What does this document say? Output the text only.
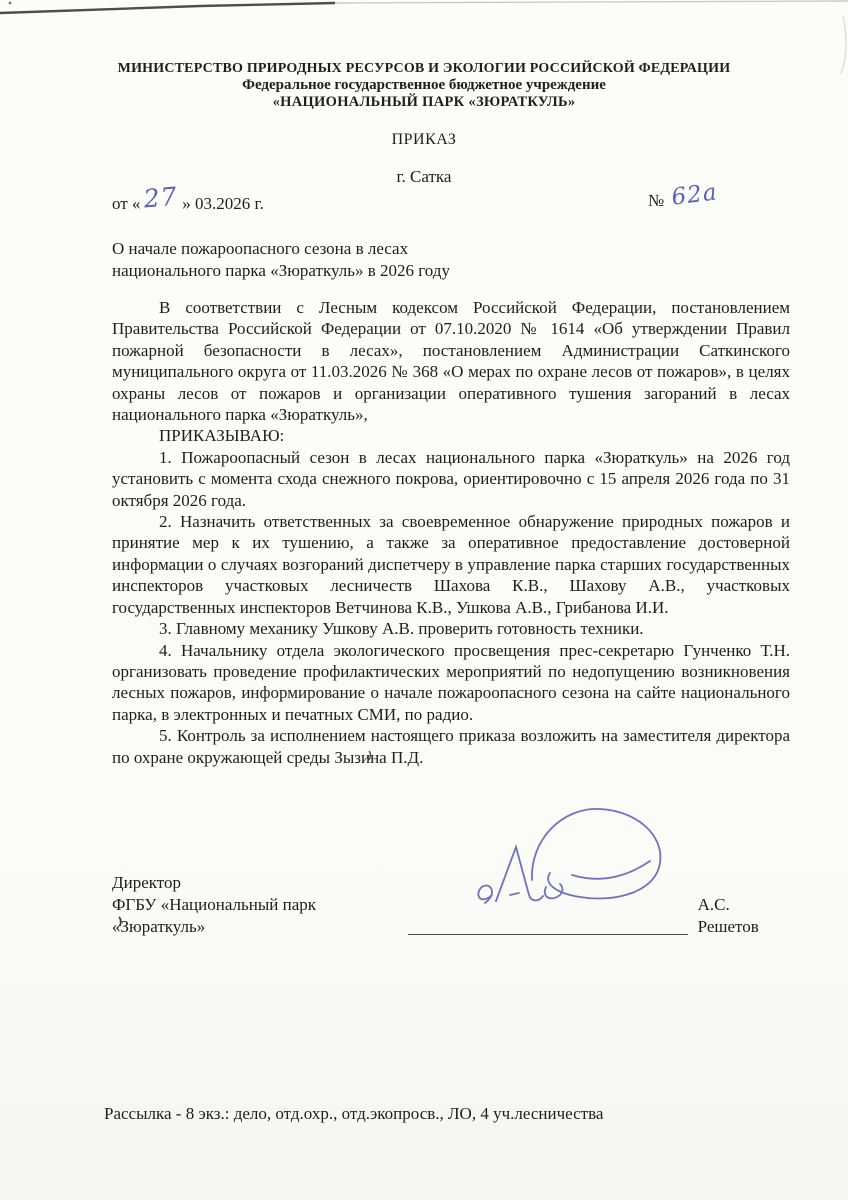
МИНИСТЕРСТВО ПРИРОДНЫХ РЕСУРСОВ И ЭКОЛОГИИ РОССИЙСКОЙ ФЕДЕРАЦИИ
Федеральное государственное бюджетное учреждение
«НАЦИОНАЛЬНЫЙ ПАРК «ЗЮРАТКУЛЬ»
ПРИКАЗ
г. Сатка
от « 27 » 03.2026 г.	№ 62а
О начале пожароопасного сезона в лесах
национального парка «Зюраткуль» в 2026 году

В соответствии с Лесным кодексом Российской Федерации, постановлением Правительства Российской Федерации от 07.10.2020 № 1614 «Об утверждении Правил пожарной безопасности в лесах», постановлением Администрации Саткинского муниципального округа от 11.03.2026 № 368 «О мерах по охране лесов от пожаров», в целях охраны лесов от пожаров и организации оперативного тушения загораний в лесах национального парка «Зюраткуль»,

ПРИКАЗЫВАЮ:

1. Пожароопасный сезон в лесах национального парка «Зюраткуль» на 2026 год установить с момента схода снежного покрова, ориентировочно с 15 апреля 2026 года по 31 октября 2026 года.

2. Назначить ответственных за своевременное обнаружение природных пожаров и принятие мер к их тушению, а также за оперативное предоставление достоверной информации о случаях возгораний диспетчеру в управление парка старших государственных инспекторов участковых лесничеств Шахова К.В., Шахову А.В., участковых государственных инспекторов Ветчинова К.В., Ушкова А.В., Грибанова И.И.

3. Главному механику Ушкову А.В. проверить готовность техники.

4. Начальнику отдела экологического просвещения прес-секретарю Гунченко Т.Н. организовать проведение профилактических мероприятий по недопущению возникновения лесных пожаров, информирование о начале пожароопасного сезона на сайте национального парка, в электронных и печатных СМИ, по радио.

5. Контроль за исполнением настоящего приказа возложить на заместителя директора по охране окружающей среды Зызина П.Д.

Директор
ФГБУ «Национальный парк «Зюраткуль»
А.С. Решетов
Рассылка - 8 экз.: дело, отд.охр., отд.экопросв., ЛО, 4 уч.лесничества
